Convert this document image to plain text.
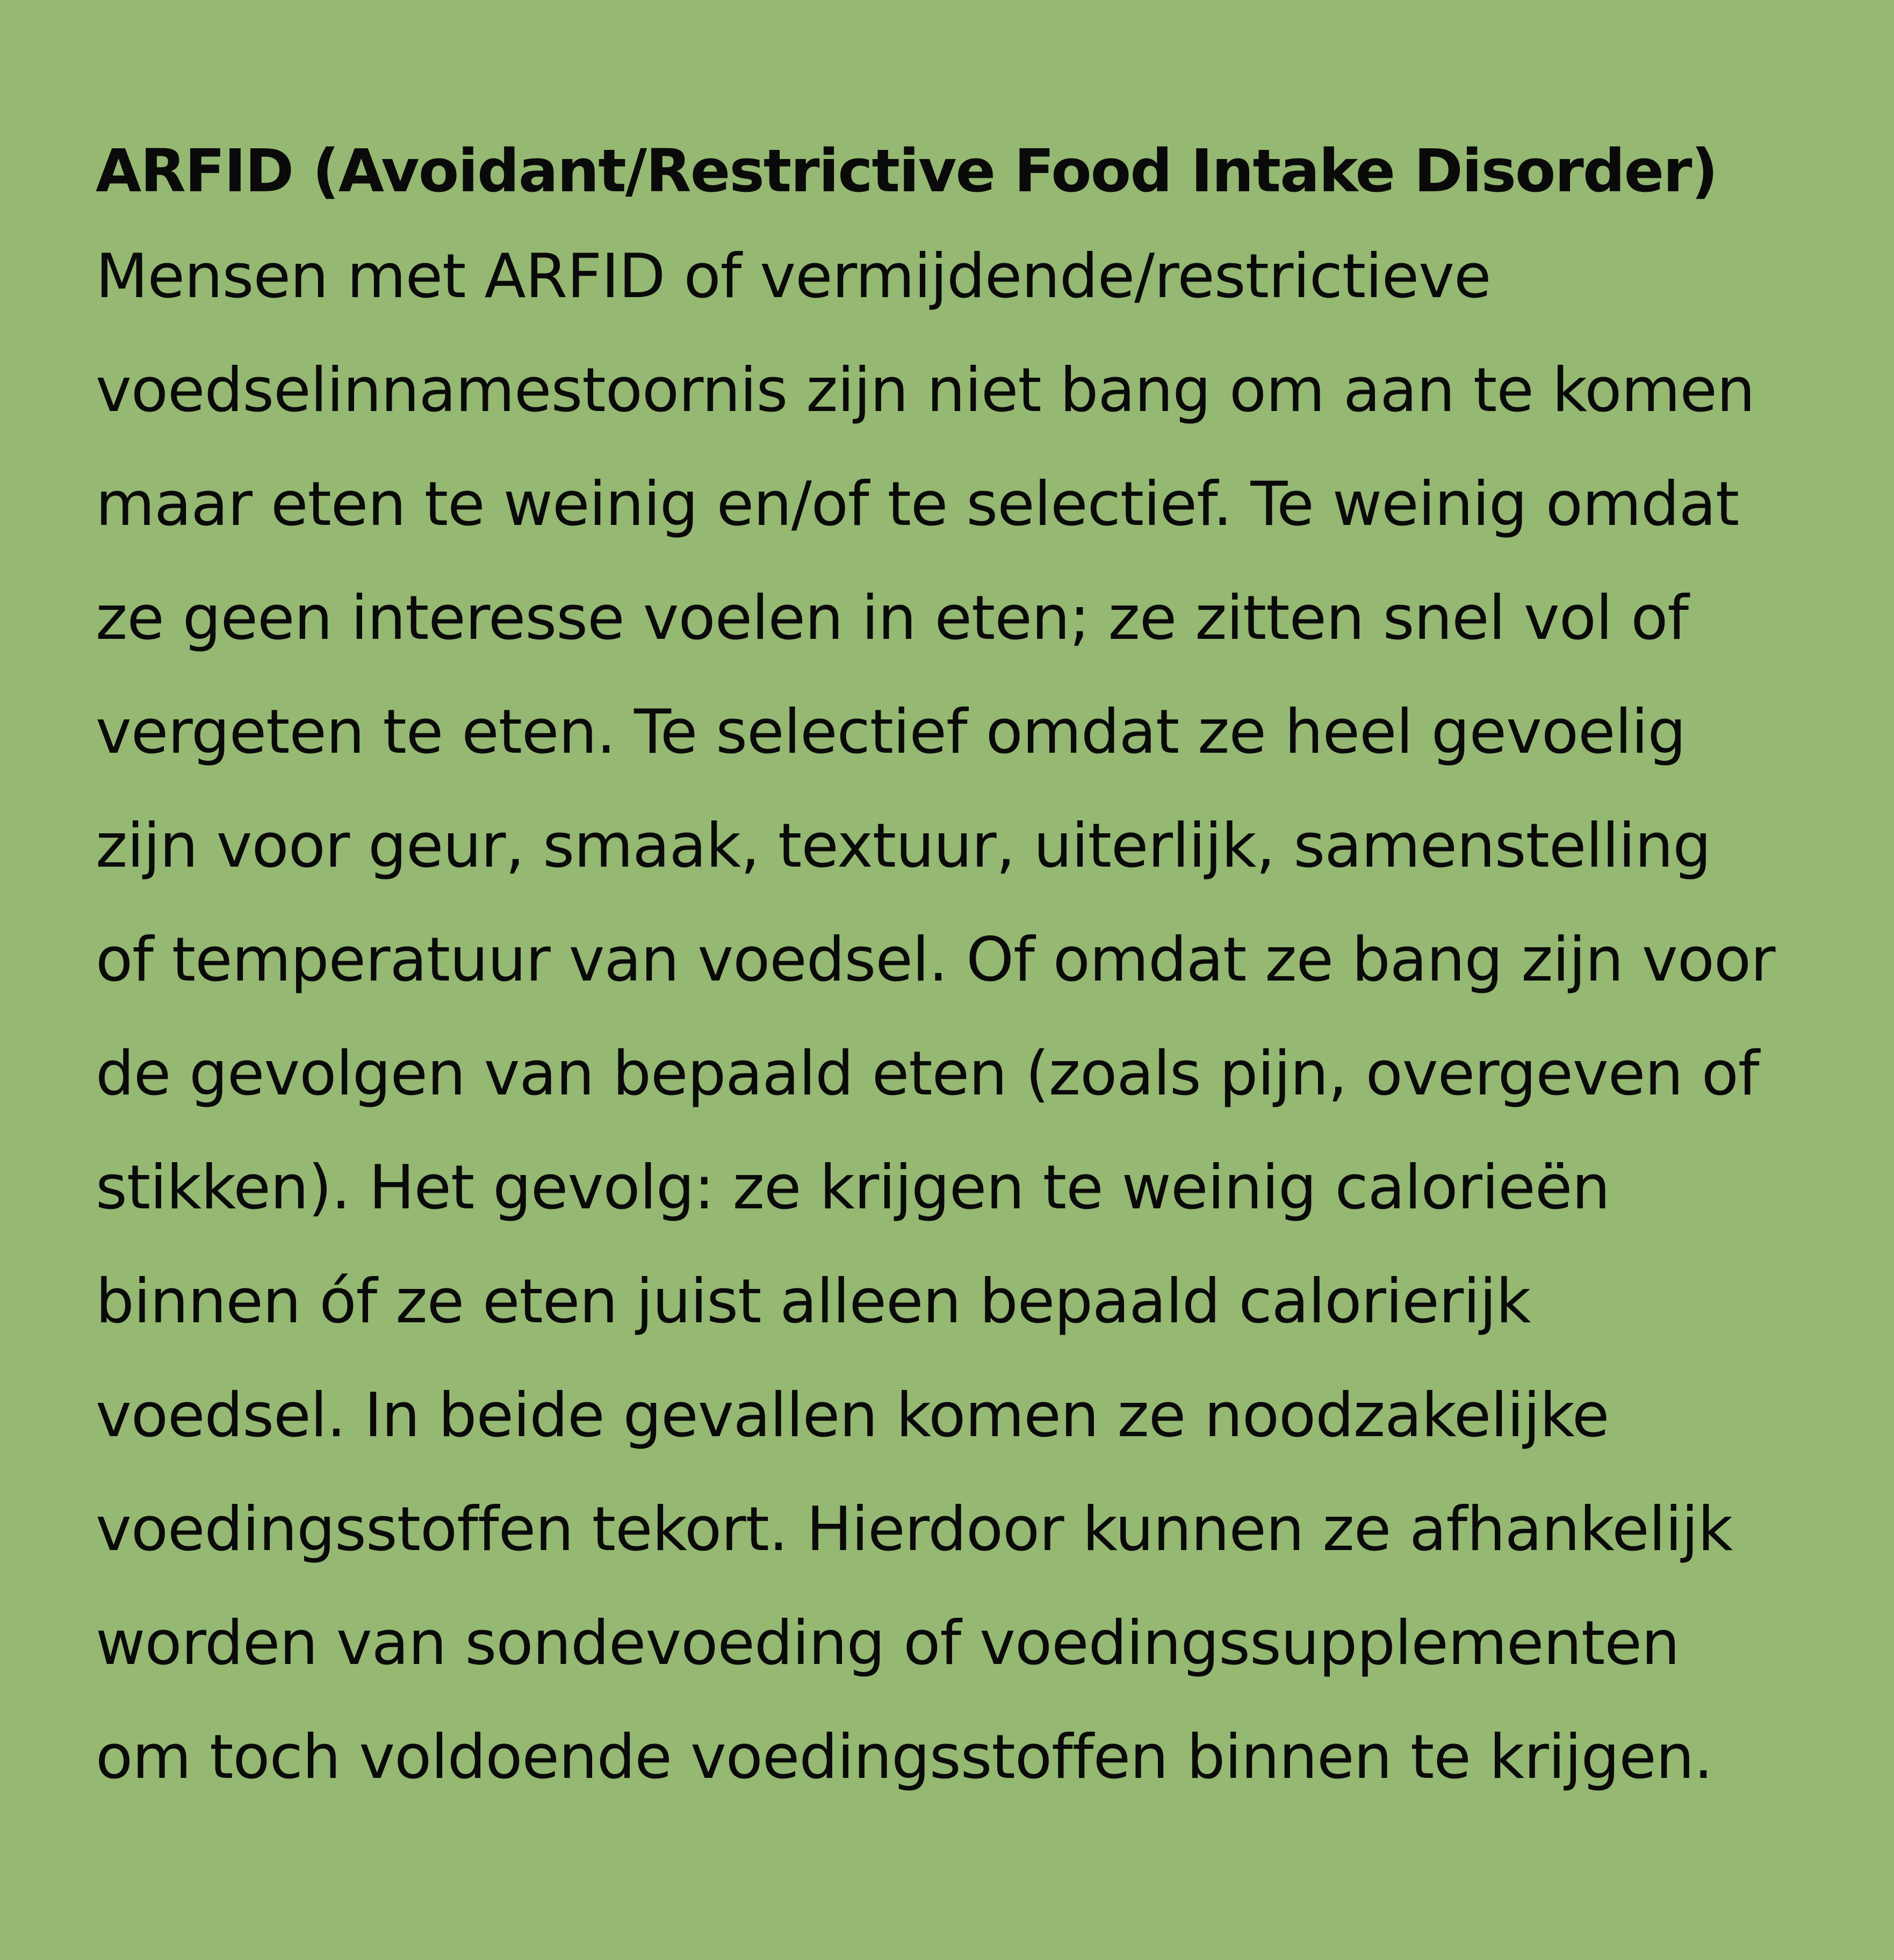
ARFID (Avoidant/Restrictive Food Intake Disorder)

Mensen met ARFID of vermijdende/restrictieve
voedselinnamestoornis zijn niet bang om aan te komen
maar eten te weinig en/of te selectief. Te weinig omdat
ze geen interesse voelen in eten; ze zitten snel vol of
vergeten te eten. Te selectief omdat ze heel gevoelig
zijn voor geur, smaak, textuur, uiterlijk, samenstelling
of temperatuur van voedsel. Of omdat ze bang zijn voor
de gevolgen van bepaald eten (zoals pijn, overgeven of
stikken). Het gevolg: ze krijgen te weinig calorieën
binnen óf ze eten juist alleen bepaald calorierijk
voedsel. In beide gevallen komen ze noodzakelijke
voedingsstoffen tekort. Hierdoor kunnen ze afhankelijk
worden van sondevoeding of voedingssupplementen
om toch voldoende voedingsstoffen binnen te krijgen.
